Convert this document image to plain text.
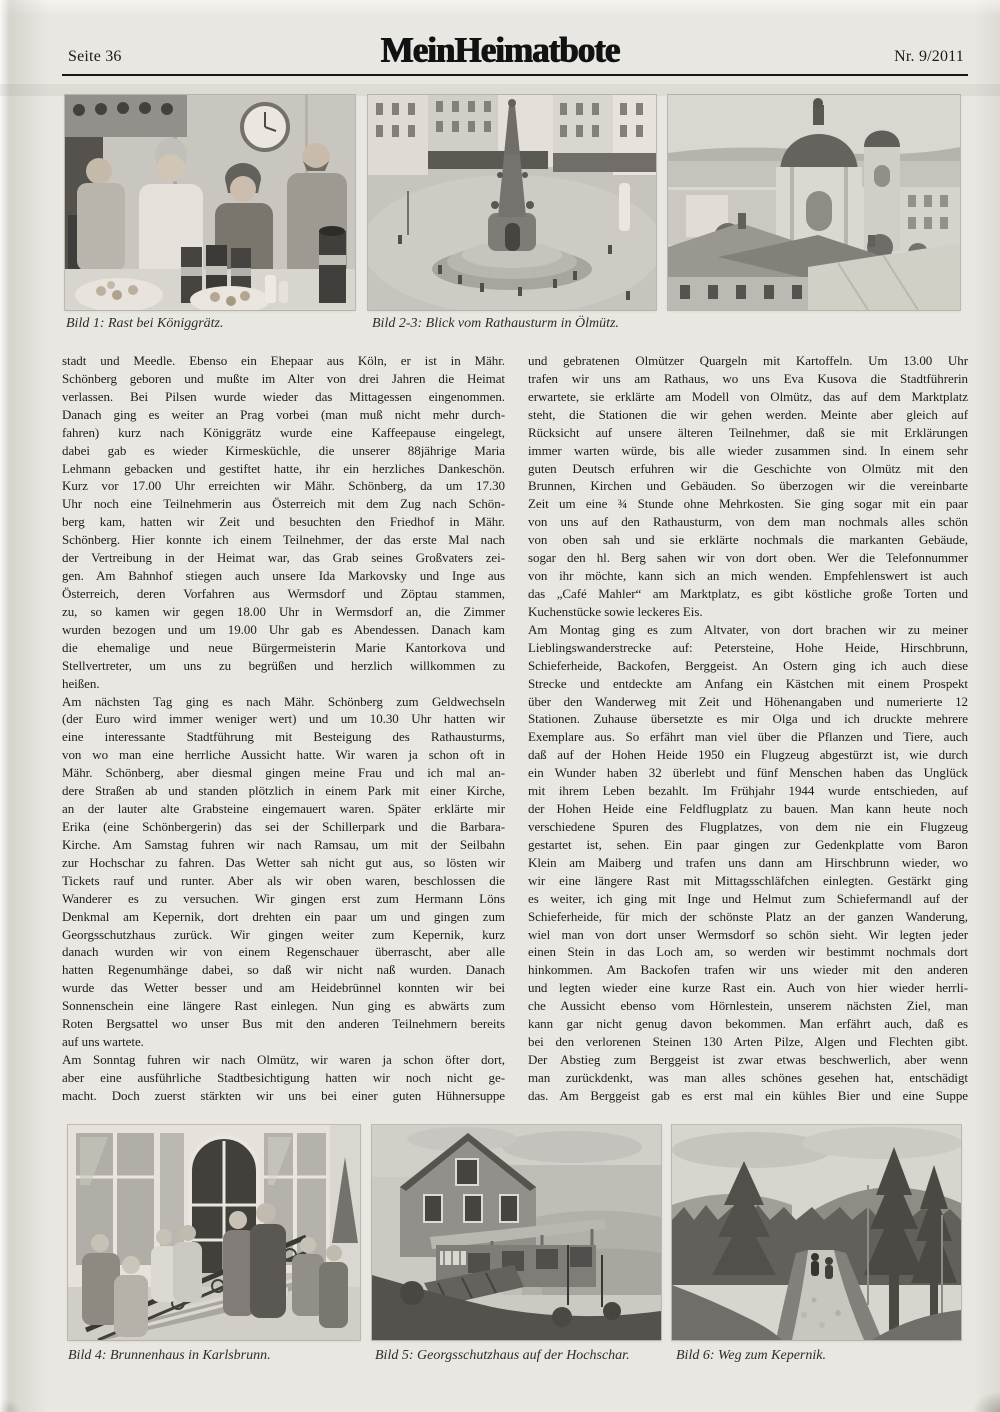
Seite 36	MeinHeimatbote	Nr. 9/2011
Bild 1: Rast bei Königgrätz.	Bild 2-3: Blick vom Rathausturm in Ölmütz.
stadt und Meedle. Ebenso ein Ehepaar aus Köln, er ist in Mähr.
Schönberg geboren und mußte im Alter von drei Jahren die Heimat
verlassen. Bei Pilsen wurde wieder das Mittagessen eingenommen.
Danach ging es weiter an Prag vorbei (man muß nicht mehr durch-
fahren) kurz nach Königgrätz wurde eine Kaffeepause eingelegt,
dabei gab es wieder Kirmesküchle, die unserer 88jährige Maria
Lehmann gebacken und gestiftet hatte, ihr ein herzliches Dankeschön.
Kurz vor 17.00 Uhr erreichten wir Mähr. Schönberg, da um 17.30
Uhr noch eine Teilnehmerin aus Österreich mit dem Zug nach Schön-
berg kam, hatten wir Zeit und besuchten den Friedhof in Mähr.
Schönberg. Hier konnte ich einem Teilnehmer, der das erste Mal nach
der Vertreibung in der Heimat war, das Grab seines Großvaters zei-
gen. Am Bahnhof stiegen auch unsere Ida Markovsky und Inge aus
Österreich, deren Vorfahren aus Wermsdorf und Zöptau stammen,
zu, so kamen wir gegen 18.00 Uhr in Wermsdorf an, die Zimmer
wurden bezogen und um 19.00 Uhr gab es Abendessen. Danach kam
die ehemalige und neue Bürgermeisterin Marie Kantorkova und
Stellvertreter, um uns zu begrüßen und herzlich willkommen zu
heißen.
Am nächsten Tag ging es nach Mähr. Schönberg zum Geldwechseln
(der Euro wird immer weniger wert) und um 10.30 Uhr hatten wir
eine interessante Stadtführung mit Besteigung des Rathausturms,
von wo man eine herrliche Aussicht hatte. Wir waren ja schon oft in
Mähr. Schönberg, aber diesmal gingen meine Frau und ich mal an-
dere Straßen ab und standen plötzlich in einem Park mit einer Kirche,
an der lauter alte Grabsteine eingemauert waren. Später erklärte mir
Erika (eine Schönbergerin) das sei der Schillerpark und die Barbara-
Kirche. Am Samstag fuhren wir nach Ramsau, um mit der Seilbahn
zur Hochschar zu fahren. Das Wetter sah nicht gut aus, so lösten wir
Tickets rauf und runter. Aber als wir oben waren, beschlossen die
Wanderer es zu versuchen. Wir gingen erst zum Hermann Löns
Denkmal am Kepernik, dort drehten ein paar um und gingen zum
Georgsschutzhaus zurück. Wir gingen weiter zum Kepernik, kurz
danach wurden wir von einem Regenschauer überrascht, aber alle
hatten Regenumhänge dabei, so daß wir nicht naß wurden. Danach
wurde das Wetter besser und am Heidebrünnel konnten wir bei
Sonnenschein eine längere Rast einlegen. Nun ging es abwärts zum
Roten Bergsattel wo unser Bus mit den anderen Teilnehmern bereits
auf uns wartete.
Am Sonntag fuhren wir nach Olmütz, wir waren ja schon öfter dort,
aber eine ausführliche Stadtbesichtigung hatten wir noch nicht ge-
macht. Doch zuerst stärkten wir uns bei einer guten Hühnersuppe
und gebratenen Olmützer Quargeln mit Kartoffeln. Um 13.00 Uhr
trafen wir uns am Rathaus, wo uns Eva Kusova die Stadtführerin
erwartete, sie erklärte am Modell von Olmütz, das auf dem Marktplatz
steht, die Stationen die wir gehen werden. Meinte aber gleich auf
Rücksicht auf unsere älteren Teilnehmer, daß sie mit Erklärungen
immer warten würde, bis alle wieder zusammen sind. In einem sehr
guten Deutsch erfuhren wir die Geschichte von Olmütz mit den
Brunnen, Kirchen und Gebäuden. So überzogen wir die vereinbarte
Zeit um eine ¾ Stunde ohne Mehrkosten. Sie ging sogar mit ein paar
von uns auf den Rathausturm, von dem man nochmals alles schön
von oben sah und sie erklärte nochmals die markanten Gebäude,
sogar den hl. Berg sahen wir von dort oben. Wer die Telefonnummer
von ihr möchte, kann sich an mich wenden. Empfehlenswert ist auch
das „Café Mahler“ am Marktplatz, es gibt köstliche große Torten und
Kuchenstücke sowie leckeres Eis.
Am Montag ging es zum Altvater, von dort brachen wir zu meiner
Lieblingswanderstrecke auf: Petersteine, Hohe Heide, Hirschbrunn,
Schieferheide, Backofen, Berggeist. An Ostern ging ich auch diese
Strecke und entdeckte am Anfang ein Kästchen mit einem Prospekt
über den Wanderweg mit Zeit und Höhenangaben und numerierte 12
Stationen. Zuhause übersetzte es mir Olga und ich druckte mehrere
Exemplare aus. So erfährt man viel über die Pflanzen und Tiere, auch
daß auf der Hohen Heide 1950 ein Flugzeug abgestürzt ist, wie durch
ein Wunder haben 32 überlebt und fünf Menschen haben das Unglück
mit ihrem Leben bezahlt. Im Frühjahr 1944 wurde entschieden, auf
der Hohen Heide eine Feldflugplatz zu bauen. Man kann heute noch
verschiedene Spuren des Flugplatzes, von dem nie ein Flugzeug
gestartet ist, sehen. Ein paar gingen zur Gedenkplatte vom Baron
Klein am Maiberg und trafen uns dann am Hirschbrunn wieder, wo
wir eine längere Rast mit Mittagsschläfchen einlegten. Gestärkt ging
es weiter, ich ging mit Inge und Helmut zum Schiefermandl auf der
Schieferheide, für mich der schönste Platz an der ganzen Wanderung,
wiel man von dort unser Wermsdorf so schön sieht. Wir legten jeder
einen Stein in das Loch am, so werden wir bestimmt nochmals dort
hinkommen. Am Backofen trafen wir uns wieder mit den anderen
und legten wieder eine kurze Rast ein. Auch von hier wieder herrli-
che Aussicht ebenso vom Hörnlestein, unserem nächsten Ziel, man
kann gar nicht genug davon bekommen. Man erfährt auch, daß es
bei den verlorenen Steinen 130 Arten Pilze, Algen und Flechten gibt.
Der Abstieg zum Berggeist ist zwar etwas beschwerlich, aber wenn
man zurückdenkt, was man alles schönes gesehen hat, entschädigt
das. Am Berggeist gab es erst mal ein kühles Bier und eine Suppe
Bild 4: Brunnenhaus in Karlsbrunn.	Bild 5: Georgsschutzhaus auf der Hochschar.	Bild 6: Weg zum Kepernik.
